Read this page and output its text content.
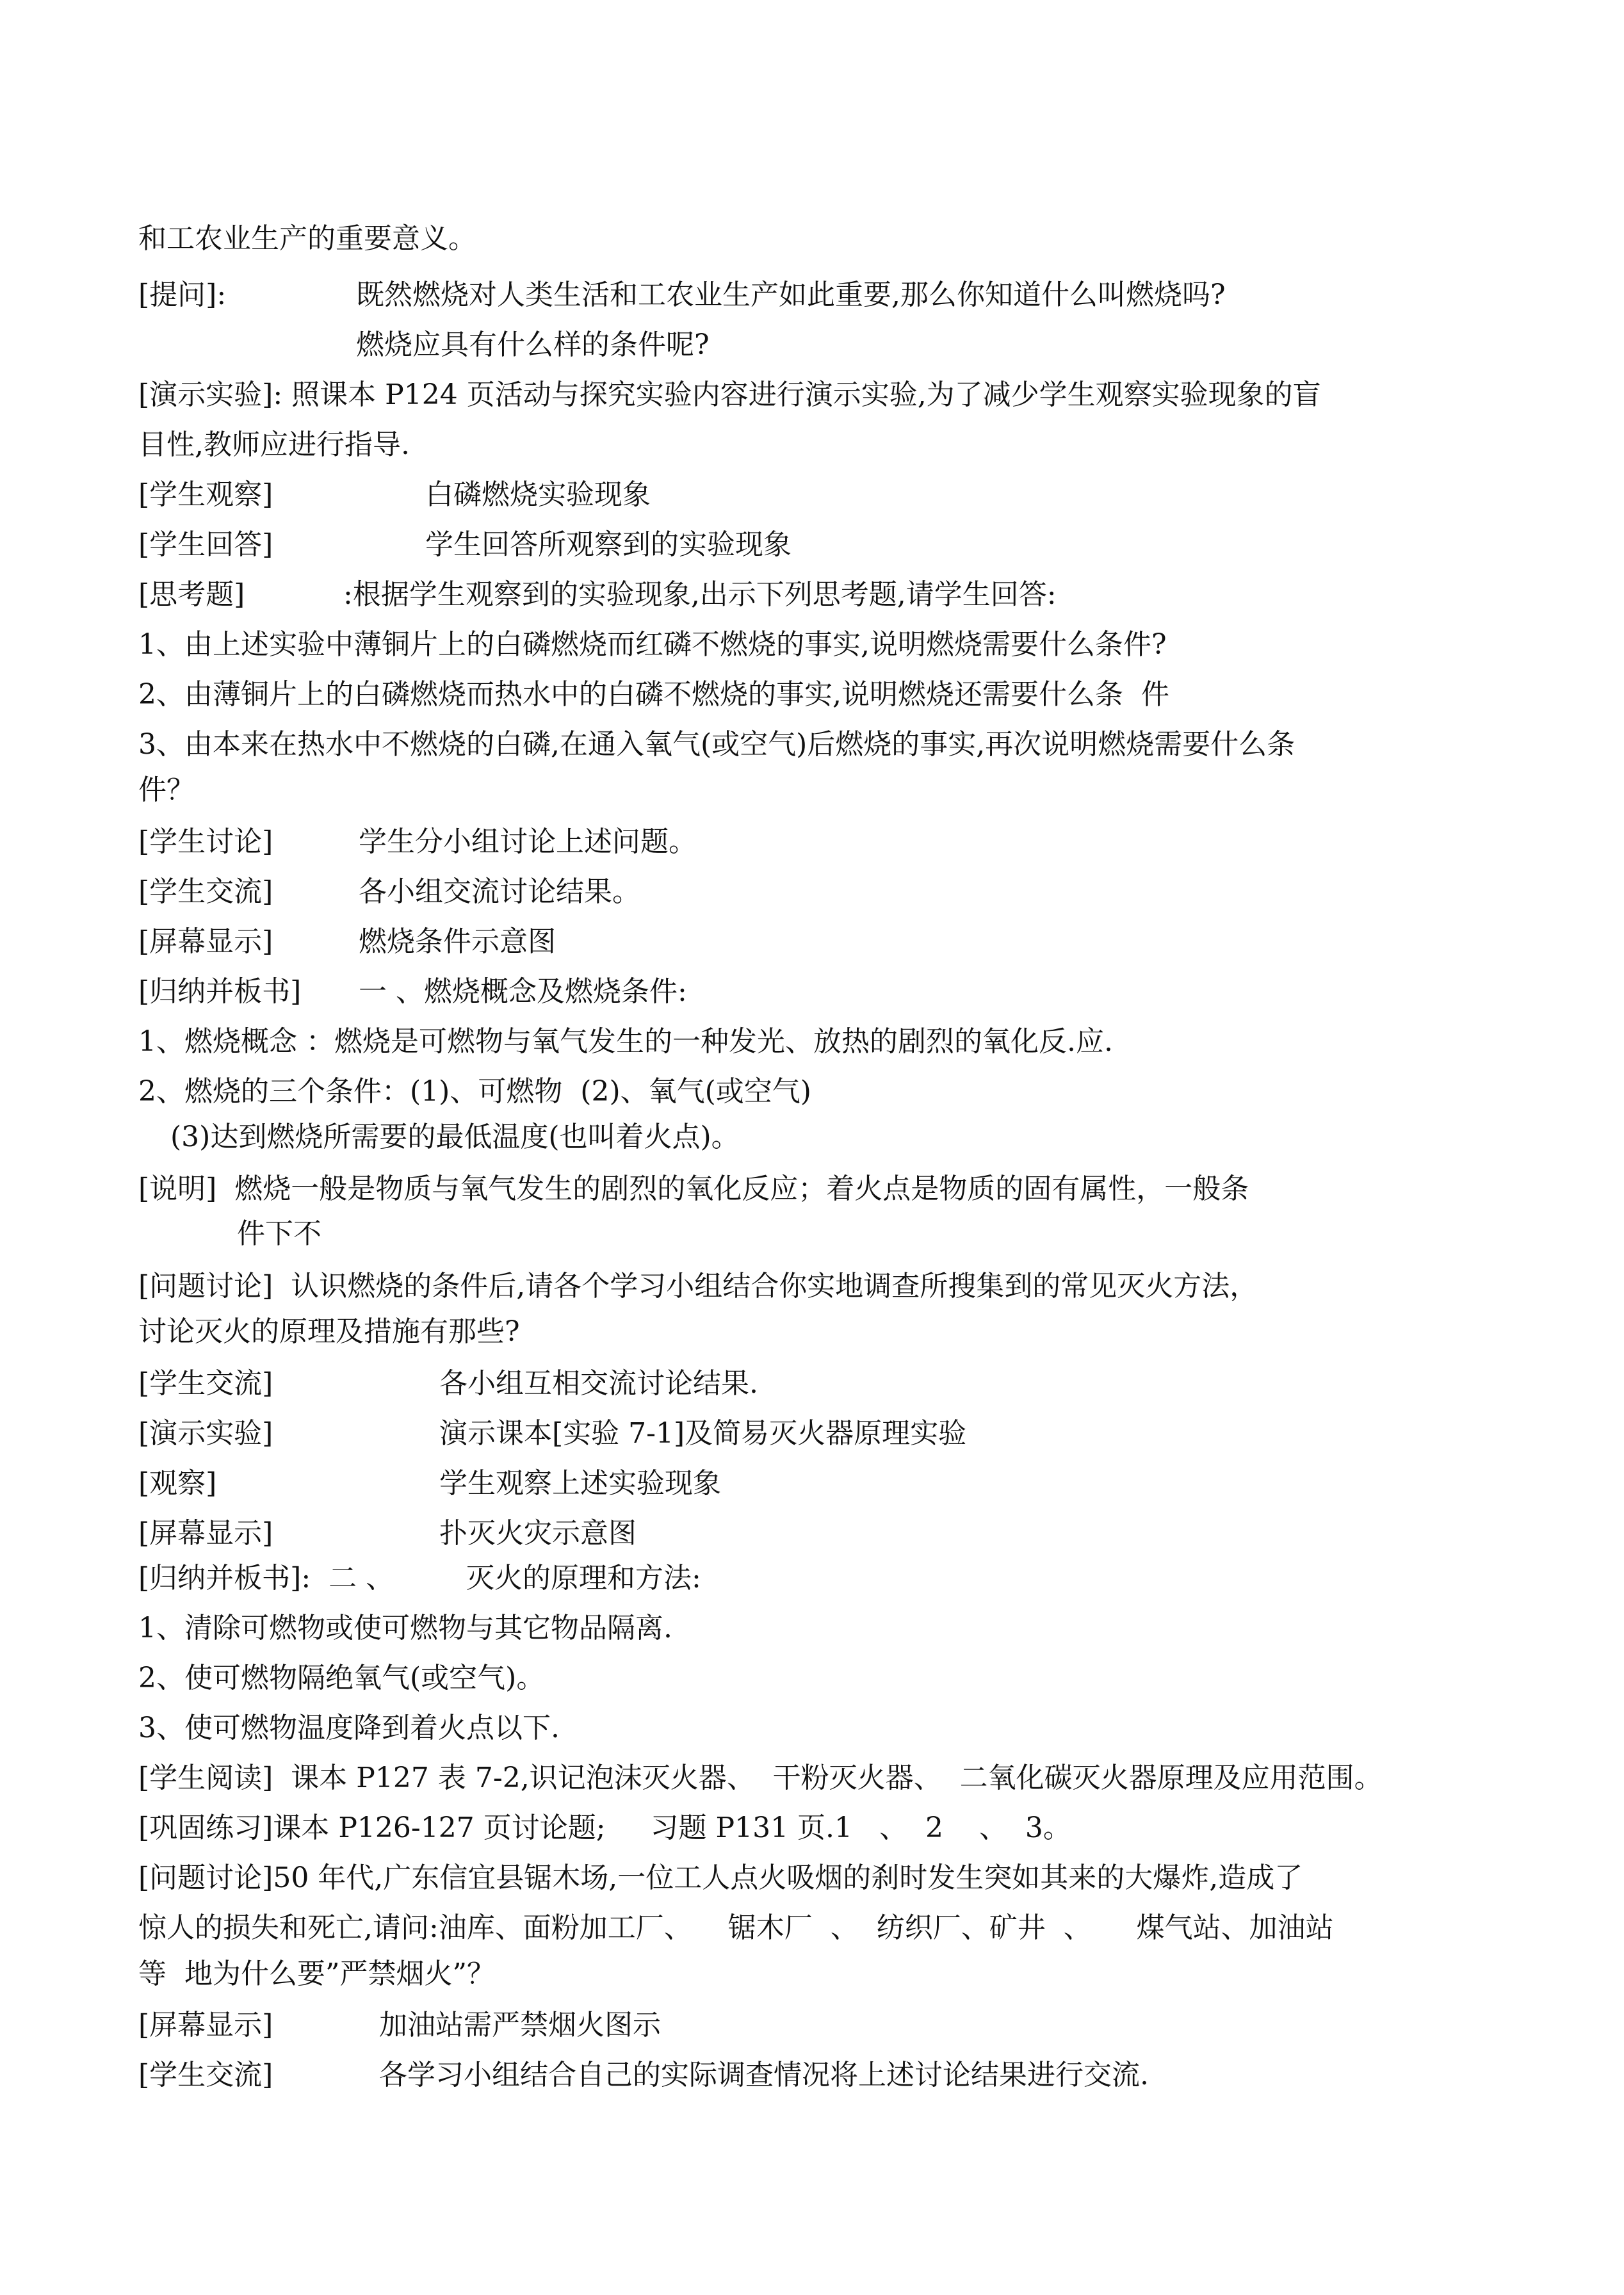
和工农业生产的重要意义。
[提问]:	既然燃烧对人类生活和工农业生产如此重要,那么你知道什么叫燃烧吗?
燃烧应具有什么样的条件呢?
[演示实验]: 照课本 P124 页活动与探究实验内容进行演示实验,为了减少学生观察实验现象的盲
目性,教师应进行指导.
[学生观察]	白磷燃烧实验现象
[学生回答]	学生回答所观察到的实验现象
[思考题]	:根据学生观察到的实验现象,出示下列思考题,请学生回答:
1、由上述实验中薄铜片上的白磷燃烧而红磷不燃烧的事实,说明燃烧需要什么条件?
2、由薄铜片上的白磷燃烧而热水中的白磷不燃烧的事实,说明燃烧还需要什么条  件
3、由本来在热水中不燃烧的白磷,在通入氧气(或空气)后燃烧的事实,再次说明燃烧需要什么条
件？
[学生讨论]	学生分小组讨论上述问题。
[学生交流]	各小组交流讨论结果。
[屏幕显示]	燃烧条件示意图
[归纳并板书] 一 、燃烧概念及燃烧条件:
1、燃烧概念 ：燃烧是可燃物与氧气发生的一种发光、放热的剧烈的氧化反.应.
2、燃烧的三个条件：(1)、可燃物  (2)、氧气(或空气)
(3)达到燃烧所需要的最低温度(也叫着火点)。
[说明]  燃烧一般是物质与氧气发生的剧烈的氧化反应；着火点是物质的固有属性，一般条
件下不
[问题讨论]  认识燃烧的条件后,请各个学习小组结合你实地调查所搜集到的常见灭火方法，
讨论灭火的原理及措施有那些?
[学生交流]	各小组互相交流讨论结果.
[演示实验]	演示课本[实验 7-1]及简易灭火器原理实验
[观察]	学生观察上述实验现象
[屏幕显示]	扑灭火灾示意图
[归纳并板书]:  二 、	灭火的原理和方法:
1、清除可燃物或使可燃物与其它物品隔离.
2、使可燃物隔绝氧气(或空气)。
3、使可燃物温度降到着火点以下.
[学生阅读]  课本 P127 表 7-2,识记泡沫灭火器、  干粉灭火器、  二氧化碳灭火器原理及应用范围。
[巩固练习]课本 P126-127 页讨论题;     习题 P131 页.1   、  2    、  3。
[问题讨论]50 年代,广东信宜县锯木场,一位工人点火吸烟的刹时发生突如其来的大爆炸,造成了
惊人的损失和死亡,请问:油库、面粉加工厂、    锯木厂  、  纺织厂、矿井  、     煤气站、加油站
等  地为什么要”严禁烟火”？
[屏幕显示]	加油站需严禁烟火图示
[学生交流]	各学习小组结合自己的实际调查情况将上述讨论结果进行交流.
